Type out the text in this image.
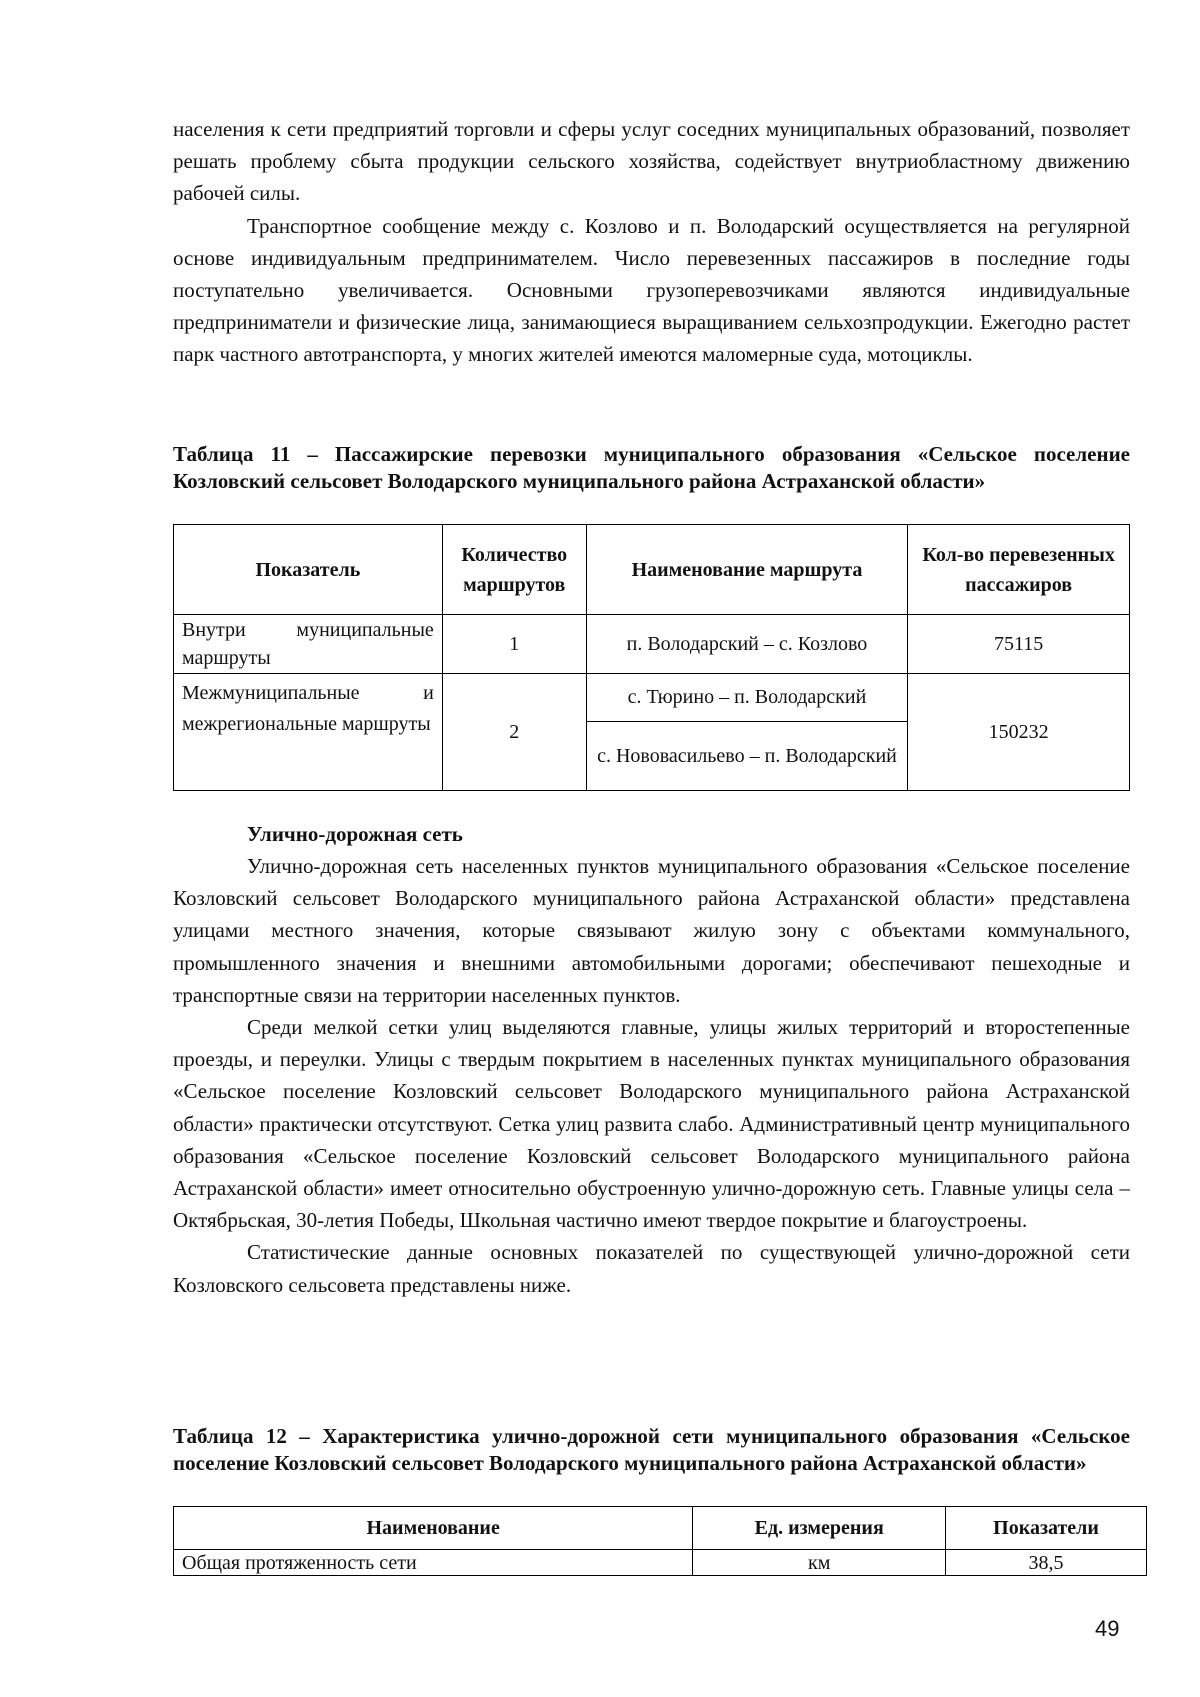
населения к сети предприятий торговли и сферы услуг соседних муниципальных образований, позволяет решать проблему сбыта продукции сельского хозяйства, содействует внутриобластному движению рабочей силы.

Транспортное сообщение между с. Козлово и п. Володарский осуществляется на регулярной основе индивидуальным предпринимателем. Число перевезенных пассажиров в последние годы поступательно увеличивается. Основными грузоперевозчиками являются индивидуальные предприниматели и физические лица, занимающиеся выращиванием сельхозпродукции. Ежегодно растет парк частного автотранспорта, у многих жителей имеются маломерные суда, мотоциклы.

Таблица 11 – Пассажирские перевозки муниципального образования «Сельское поселение Козловский сельсовет Володарского муниципального района Астраханской области»

Показатель	Количество маршрутов	Наименование маршрута	Кол-во перевезенных пассажиров
Внутри муниципальные маршруты	1	п. Володарский – с. Козлово	75115
Межмуниципальные и межрегиональные маршруты	2	с. Тюрино – п. Володарский	150232
		с. Нововасильево – п. Володарский	
Улично-дорожная сеть

Улично-дорожная сеть населенных пунктов муниципального образования «Сельское поселение Козловский сельсовет Володарского муниципального района Астраханской области» представлена улицами местного значения, которые связывают жилую зону с объектами коммунального, промышленного значения и внешними автомобильными дорогами; обеспечивают пешеходные и транспортные связи на территории населенных пунктов.

Среди мелкой сетки улиц выделяются главные, улицы жилых территорий и второстепенные проезды, и переулки. Улицы с твердым покрытием в населенных пунктах муниципального образования «Сельское поселение Козловский сельсовет Володарского муниципального района Астраханской области» практически отсутствуют. Сетка улиц развита слабо. Административный центр муниципального образования «Сельское поселение Козловский сельсовет Володарского муниципального района Астраханской области» имеет относительно обустроенную улично-дорожную сеть. Главные улицы села – Октябрьская, 30-летия Победы, Школьная частично имеют твердое покрытие и благоустроены.

Статистические данные основных показателей по существующей улично-дорожной сети Козловского сельсовета представлены ниже.

Таблица 12 – Характеристика улично-дорожной сети муниципального образования «Сельское поселение Козловский сельсовет Володарского муниципального района Астраханской области»

Наименование	Ед. измерения	Показатели
Общая протяженность сети	км	38,5
49
